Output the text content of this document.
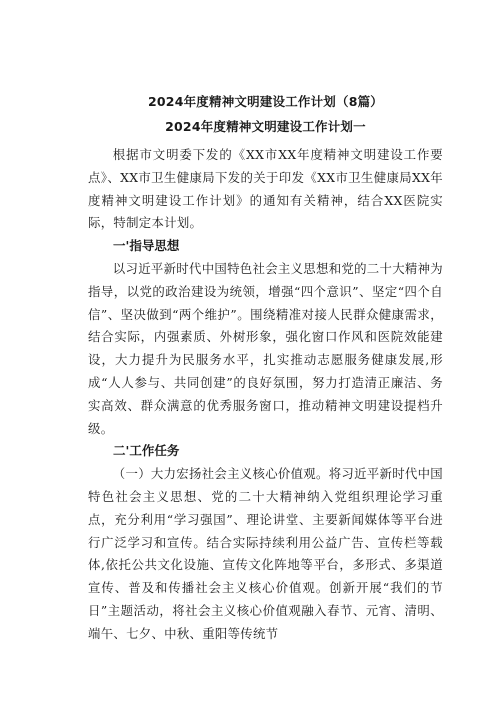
2024年度精神文明建设工作计划（8篇）
2024年度精神文明建设工作计划一

根据市文明委下发的《XX市XX年度精神文明建设工作要点》、XX市卫生健康局下发的关于印发《XX市卫生健康局XX年度精神文明建设工作计划》的通知有关精神，结合XX医院实际，特制定本计划。

一'指导思想

以习近平新时代中国特色社会主义思想和党的二十大精神为指导，以党的政治建设为统领，增强“四个意识”、坚定“四个自信”、坚决做到“两个维护”。围绕精准对接人民群众健康需求，结合实际，内强素质、外树形象，强化窗口作风和医院效能建设，大力提升为民服务水平，扎实推动志愿服务健康发展,形成“人人参与、共同创建”的良好氛围，努力打造清正廉洁、务实高效、群众满意的优秀服务窗口，推动精神文明建设提档升级。

二'工作任务

（一）大力宏扬社会主义核心价值观。将习近平新时代中国特色社会主义思想、党的二十大精神纳入党组织理论学习重点，充分利用“学习强国”、理论讲堂、主要新闻媒体等平台进行广泛学习和宣传。结合实际持续利用公益广告、宣传栏等载体,依托公共文化设施、宣传文化阵地等平台，多形式、多渠道宣传、普及和传播社会主义核心价值观。创新开展“我们的节日”主题活动，将社会主义核心价值观融入春节、元宵、清明、端午、七夕、中秋、重阳等传统节
